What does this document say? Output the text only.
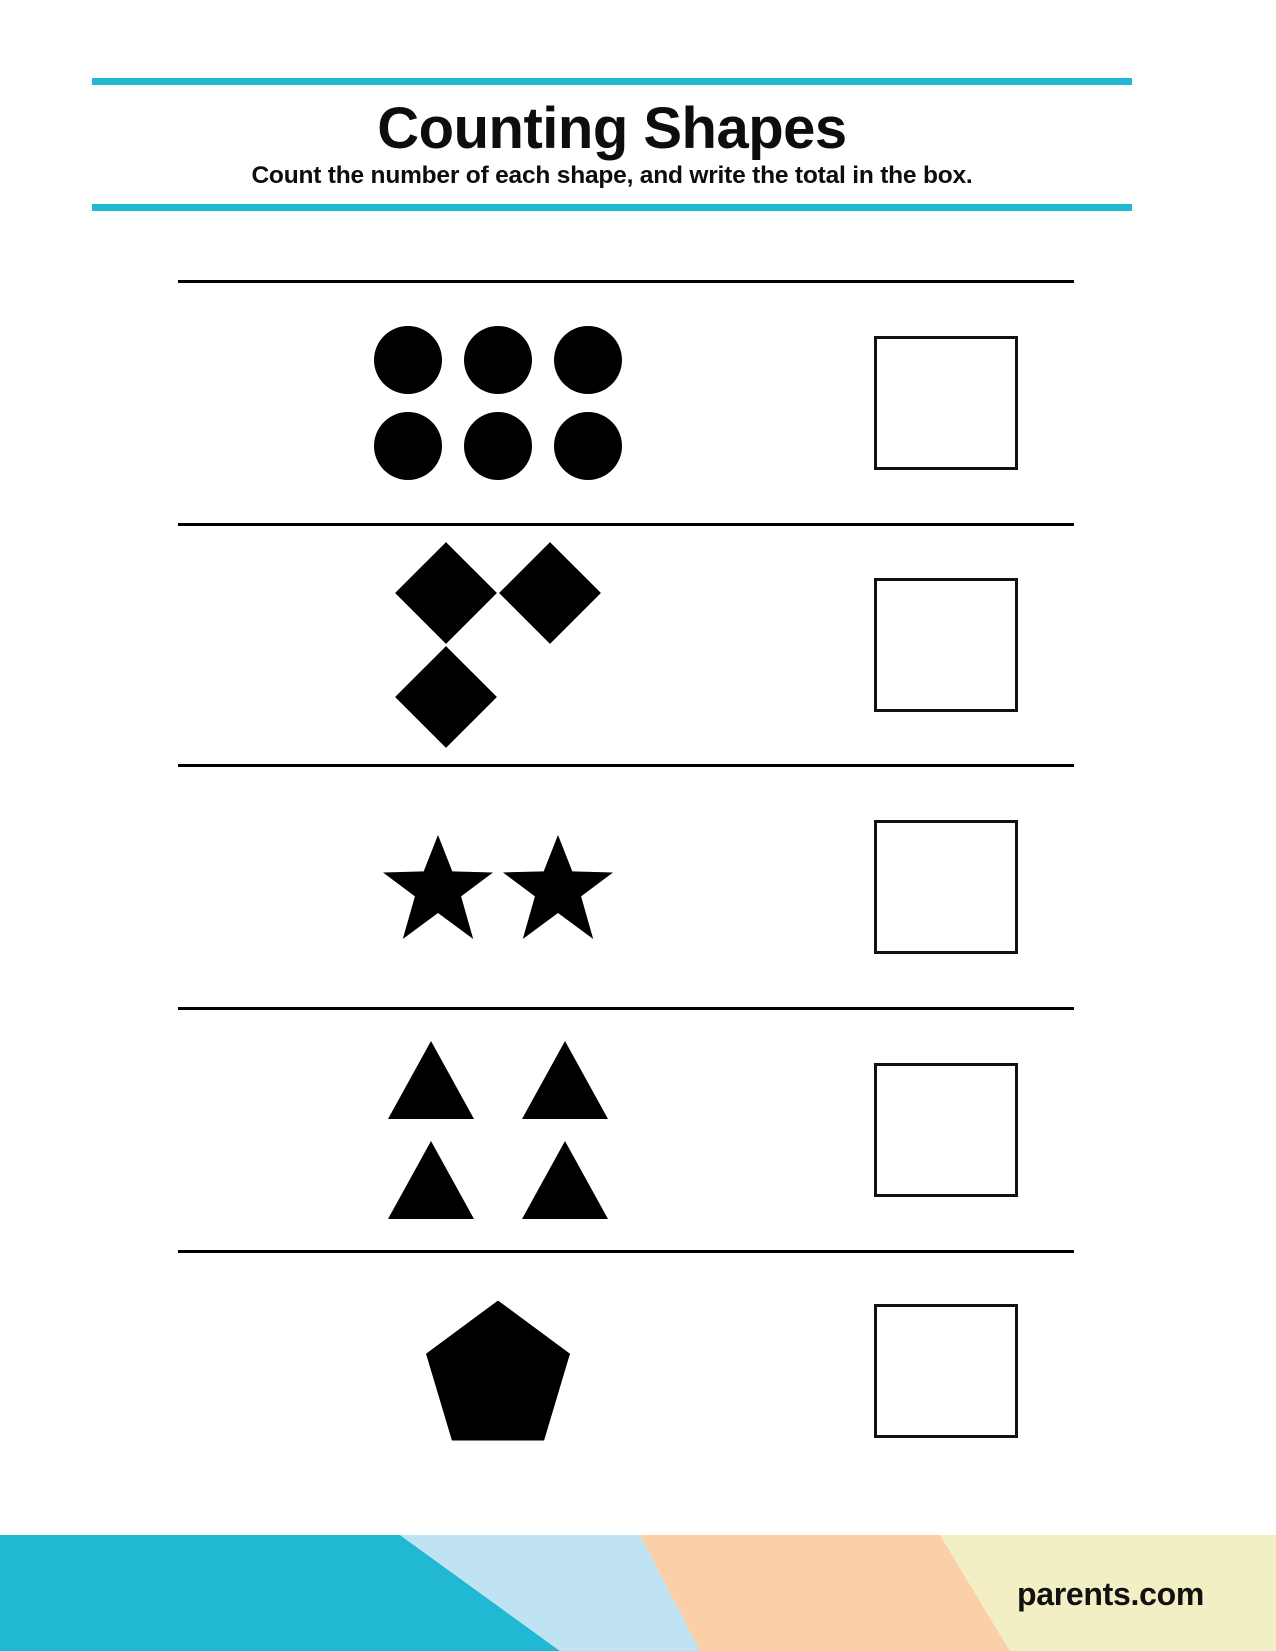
Counting Shapes

Count the number of each shape, and write the total in the box.

parents.com
